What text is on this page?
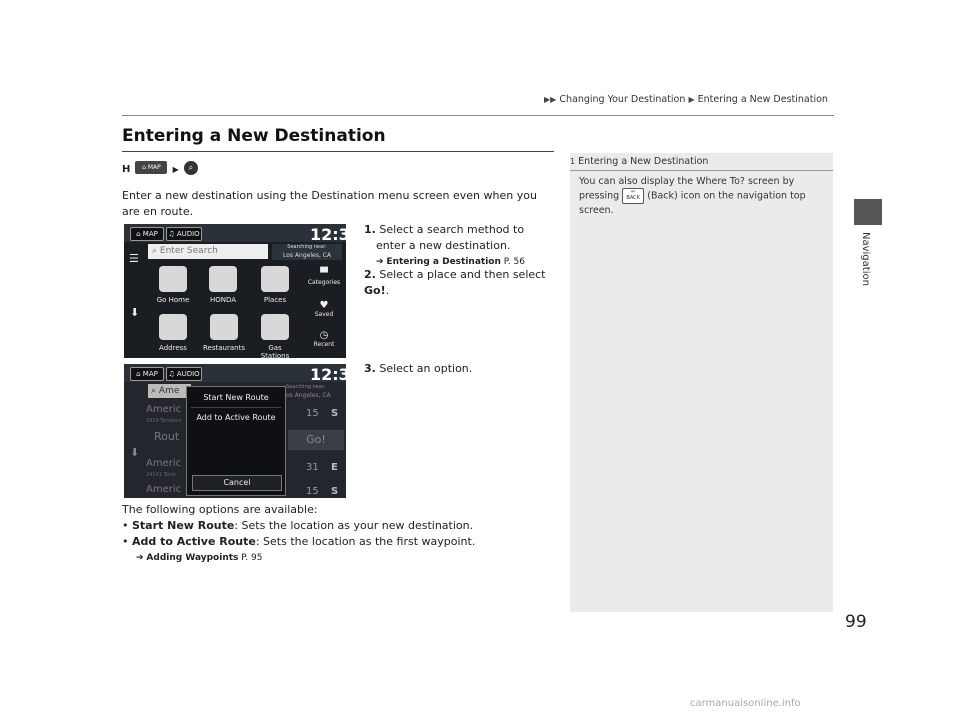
▶▶ Changing Your Destination ▶ Entering a New Destination
Entering a New Destination
H ⌂ MAP ▶ ⌕
Enter a new destination using the Destination menu screen even when you are en route.
⌂ MAP	♫ AUDIO	12:34
⌕ Enter Search	Searching near:
Los Angeles, CA
☰
⬇
Go Home	HONDA	Places
Address	Restaurants	Gas Stations
▀
Categories
♥
Saved
◷
Recent
1. Select a search method to enter a new destination.
➔ Entering a Destination P. 56
2. Select a place and then select Go!.
3. Select an option.
⌂ MAP	♫ AUDIO	12:34
⌕ Ame	Searching near:
os Angeles, CA
Americ
1919 Torrance
15 S
Rout	Go!
Americ
24141 Torre
31 E
Americ	15 S
⬇
Start New Route
Add to Active Route
Cancel
The following options are available:
• Start New Route: Sets the location as your new destination.
• Add to Active Route: Sets the location as the first waypoint.
➔ Adding Waypoints P. 95
1 Entering a New Destination
You can also display the Where To? screen by pressing ↩
BACK (Back) icon on the navigation top screen.
Navigation
99
carmanualsonline.info
